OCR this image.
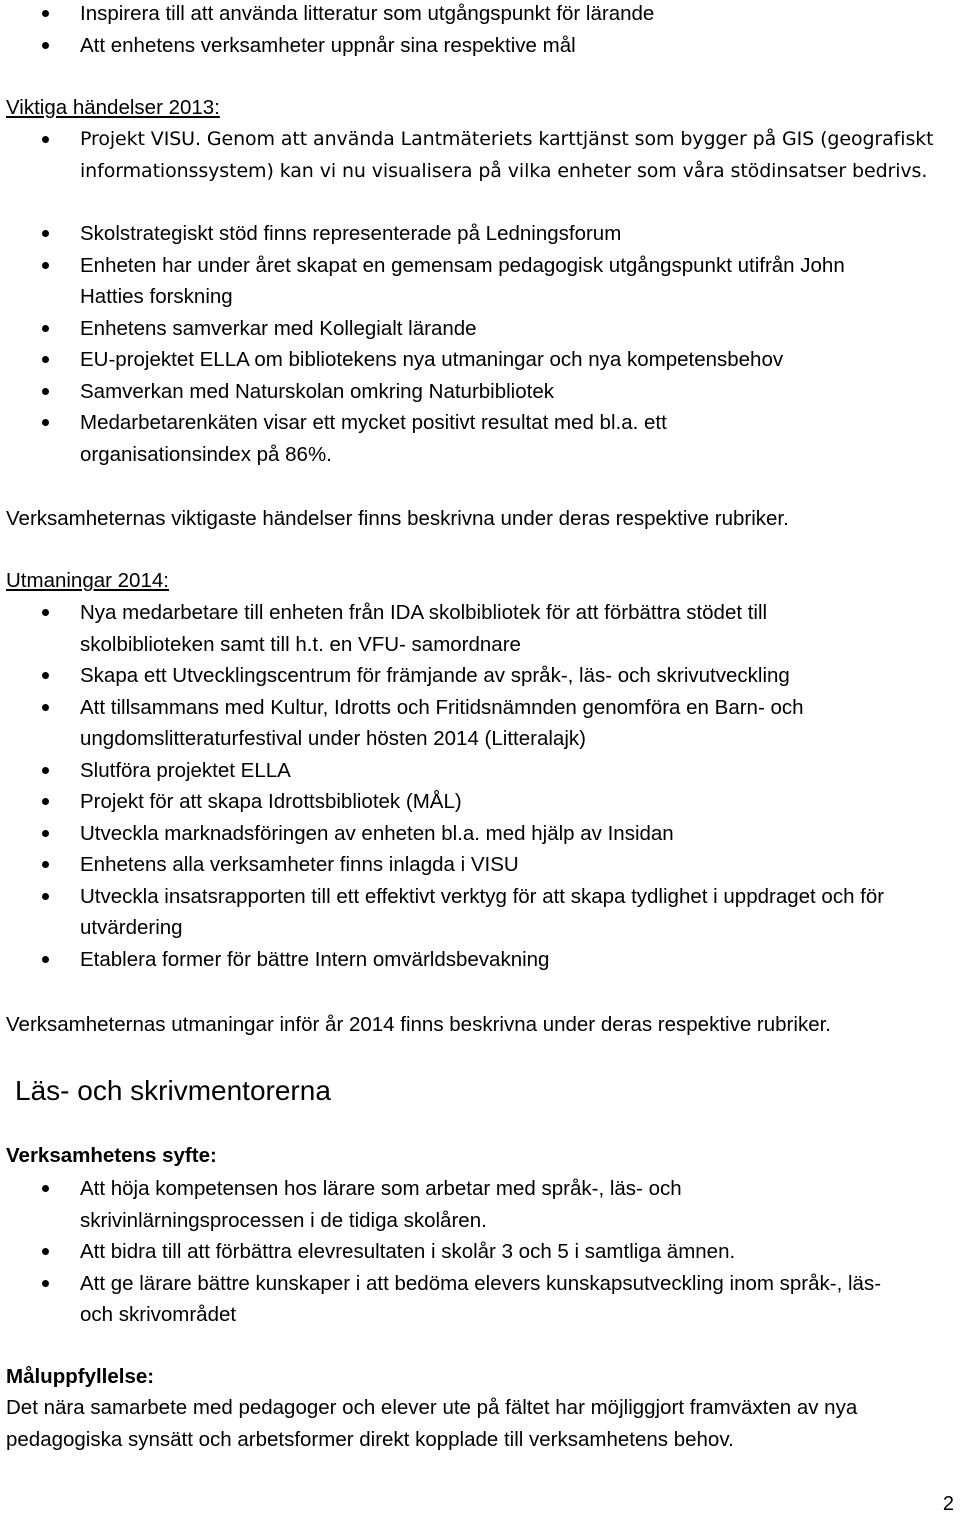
Inspirera till att använda litteratur som utgångspunkt för lärande
Att enhetens verksamheter uppnår sina respektive mål

Viktiga händelser 2013:

Projekt VISU. Genom att använda Lantmäteriets karttjänst som bygger på GIS (geografiskt informationssystem) kan vi nu visualisera på vilka enheter som våra stödinsatser bedrivs.
Skolstrategiskt stöd finns representerade på Ledningsforum
Enheten har under året skapat en gemensam pedagogisk utgångspunkt utifrån John Hatties forskning
Enhetens samverkar med Kollegialt lärande
EU-projektet ELLA om bibliotekens nya utmaningar och nya kompetensbehov
Samverkan med Naturskolan omkring Naturbibliotek
Medarbetarenkäten visar ett mycket positivt resultat med bl.a. ett organisationsindex på 86%.

Verksamheternas viktigaste händelser finns beskrivna under deras respektive rubriker.

Utmaningar 2014:

Nya medarbetare till enheten från IDA skolbibliotek för att förbättra stödet till skolbiblioteken samt till h.t. en VFU- samordnare
Skapa ett Utvecklingscentrum för främjande av språk-, läs- och skrivutveckling
Att tillsammans med Kultur, Idrotts och Fritidsnämnden genomföra en Barn- och ungdomslitteraturfestival under hösten 2014 (Litteralajk)
Slutföra projektet ELLA
Projekt för att skapa Idrottsbibliotek (MÅL)
Utveckla marknadsföringen av enheten bl.a. med hjälp av Insidan
Enhetens alla verksamheter finns inlagda i VISU
Utveckla insatsrapporten till ett effektivt verktyg för att skapa tydlighet i uppdraget och för utvärdering
Etablera former för bättre Intern omvärldsbevakning

Verksamheternas utmaningar inför år 2014 finns beskrivna under deras respektive rubriker.

Läs- och skrivmentorerna

Verksamhetens syfte:

Att höja kompetensen hos lärare som arbetar med språk-, läs- och skrivinlärningsprocessen i de tidiga skolåren.
Att bidra till att förbättra elevresultaten i skolår 3 och 5 i samtliga ämnen.
Att ge lärare bättre kunskaper i att bedöma elevers kunskapsutveckling inom språk-, läs- och skrivområdet

Måluppfyllelse:

Det nära samarbete med pedagoger och elever ute på fältet har möjliggjort framväxten av nya pedagogiska synsätt och arbetsformer direkt kopplade till verksamhetens behov.

2
